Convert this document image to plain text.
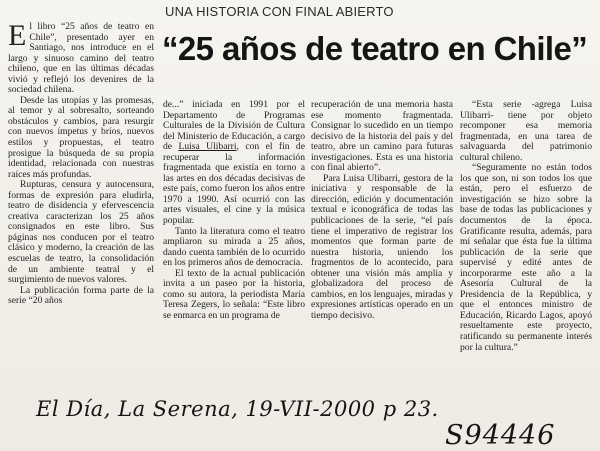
UNA HISTORIA CON FINAL ABIERTO
“25 años de teatro en Chile”

El libro “25 años de teatro en Chile”, presentado ayer en Santiago, nos introduce en el largo y sinuoso camino del teatro chileno, que en las últimas décadas vivió y reflejó los devenires de la sociedad chilena.

Desde las utopías y las promesas, al temor y al sobresalto, sorteando obstáculos y cambios, para resurgir con nuevos ímpetus y bríos, nuevos estilos y propuestas, el teatro prosigue la búsqueda de su propia identidad, relacionada con nuestras raíces más profundas.

Rupturas, censura y autocensura, formas de expresión para eludirla, teatro de disidencia y efervescencia creativa caracterizan los 25 años consignados en este libro. Sus páginas nos conducen por el teatro clásico y moderno, la creación de las escuelas de teatro, la consolidación de un ambiente teatral y el surgimiento de nuevos valores.

La publicación forma parte de la serie “20 años

de...” iniciada en 1991 por el Departamento de Programas Culturales de la División de Cultura del Ministerio de Educación, a cargo de Luisa Ulibarri, con el fin de recuperar la información fragmentada que existía en torno a las artes en dos décadas decisivas de este país, como fueron los años entre 1970 a 1990. Así ocurrió con las artes visuales, el cine y la música popular.

Tanto la literatura como el teatro ampliaron su mirada a 25 años, dando cuenta también de lo ocurrido en los primeros años de democracia.

El texto de la actual publicación invita a un paseo por la historia, como su autora, la periodista María Teresa Zegers, lo señala: “Este libro se enmarca en un programa de

recuperación de una memoria hasta ese momento fragmentada. Consignar lo sucedido en un tiempo decisivo de la historia del país y del teatro, abre un camino para futuras investigaciones. Esta es una historia con final abierto”.

Para Luisa Ulibarri, gestora de la iniciativa y responsable de la dirección, edición y documentación textual e iconográfica de todas las publicaciones de la serie, “el país tiene el imperativo de registrar los momentos que forman parte de nuestra historia, uniendo los fragmentos de lo acontecido, para obtener una visión más amplia y globalizadora del proceso de cambios, en los lenguajes, miradas y expresiones artísticas operado en un tiempo decisivo.

“Esta serie -agrega Luisa Ulibarri- tiene por objeto recomponer esa memoria fragmentada, en una tarea de salvaguarda del patrimonio cultural chileno.

“Seguramente no están todos los que son, ni son todos los que están, pero el esfuerzo de investigación se hizo sobre la base de todas las publicaciones y documentos de la época. Gratificante resulta, además, para mí señalar que ésta fue la última publicación de la serie que supervisé y edité antes de incorporarme este año a la Asesoría Cultural de la Presidencia de la República, y que el entonces ministro de Educación, Ricardo Lagos, apoyó resueltamente este proyecto, ratificando su permanente interés por la cultura.”

El Día, La Serena, 19-VII-2000 p 23.
S94446
